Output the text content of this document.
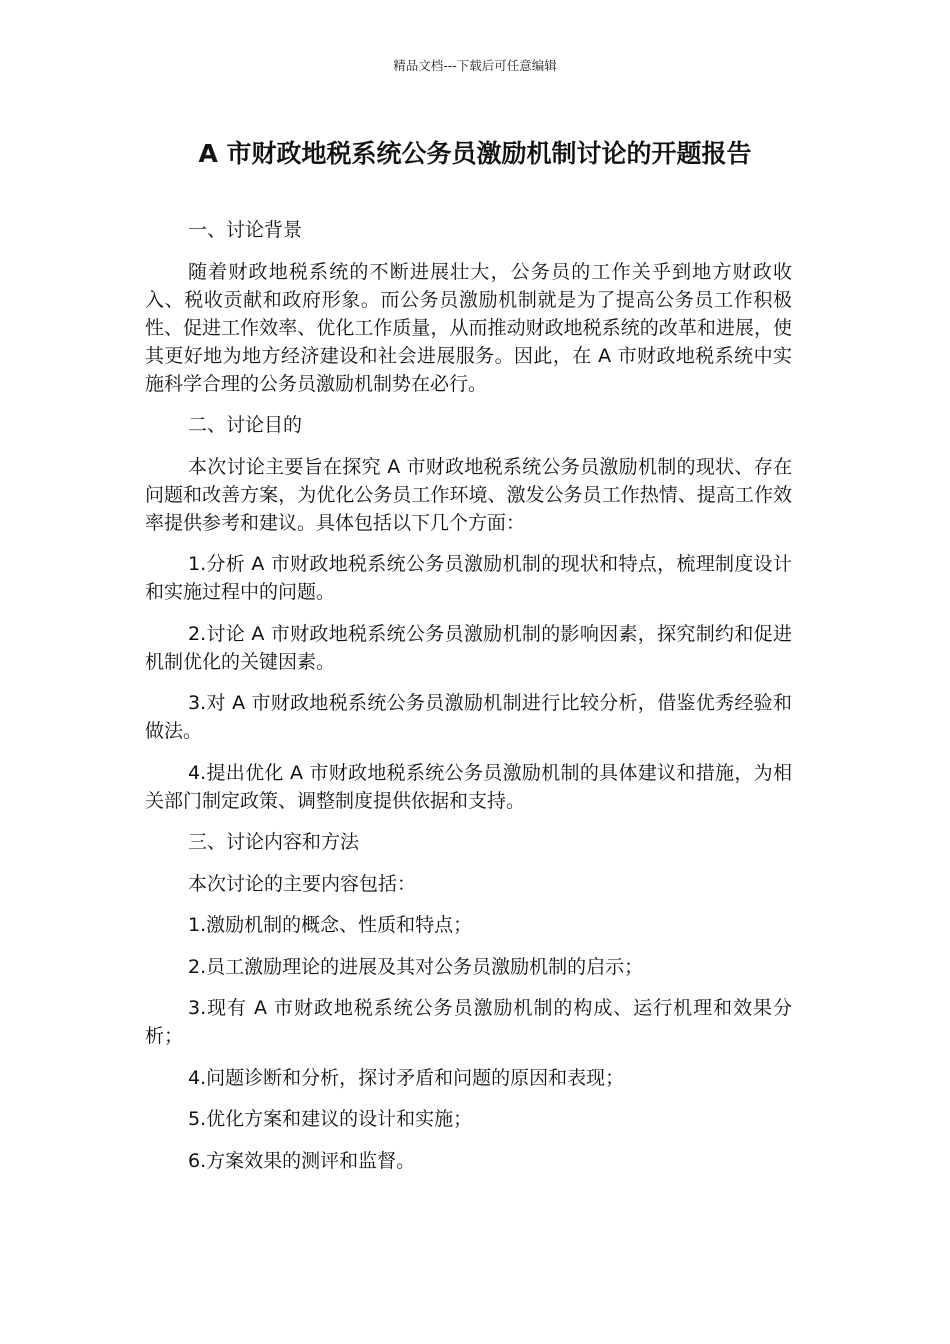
精品文档---下载后可任意编辑
A 市财政地税系统公务员激励机制讨论的开题报告

一、讨论背景

随着财政地税系统的不断进展壮大，公务员的工作关乎到地方财政收入、税收贡献和政府形象。而公务员激励机制就是为了提高公务员工作积极性、促进工作效率、优化工作质量，从而推动财政地税系统的改革和进展，使其更好地为地方经济建设和社会进展服务。因此，在 A 市财政地税系统中实施科学合理的公务员激励机制势在必行。

二、讨论目的

本次讨论主要旨在探究 A 市财政地税系统公务员激励机制的现状、存在问题和改善方案，为优化公务员工作环境、激发公务员工作热情、提高工作效率提供参考和建议。具体包括以下几个方面：

1.分析 A 市财政地税系统公务员激励机制的现状和特点，梳理制度设计和实施过程中的问题。

2.讨论 A 市财政地税系统公务员激励机制的影响因素，探究制约和促进机制优化的关键因素。

3.对 A 市财政地税系统公务员激励机制进行比较分析，借鉴优秀经验和做法。

4.提出优化 A 市财政地税系统公务员激励机制的具体建议和措施，为相关部门制定政策、调整制度提供依据和支持。

三、讨论内容和方法

本次讨论的主要内容包括：

1.激励机制的概念、性质和特点；

2.员工激励理论的进展及其对公务员激励机制的启示；

3.现有 A 市财政地税系统公务员激励机制的构成、运行机理和效果分析；

4.问题诊断和分析，探讨矛盾和问题的原因和表现；

5.优化方案和建议的设计和实施；

6.方案效果的测评和监督。
